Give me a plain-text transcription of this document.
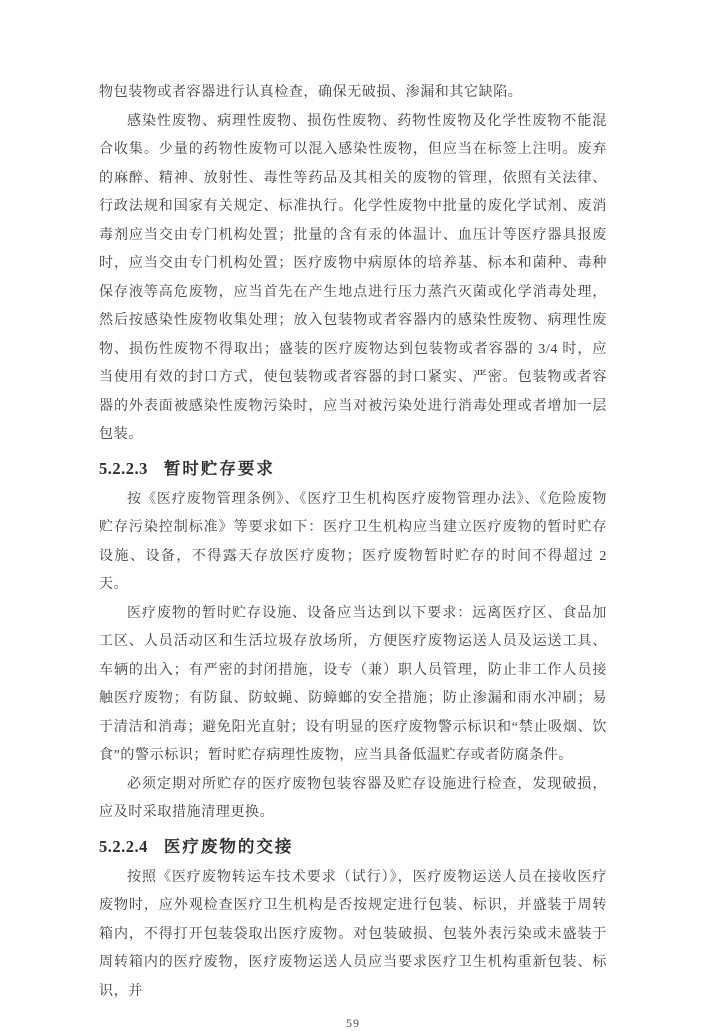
物包装物或者容器进行认真检查，确保无破损、渗漏和其它缺陷。

感染性废物、病理性废物、损伤性废物、药物性废物及化学性废物不能混合收集。少量的药物性废物可以混入感染性废物，但应当在标签上注明。废弃的麻醉、精神、放射性、毒性等药品及其相关的废物的管理，依照有关法律、行政法规和国家有关规定、标准执行。化学性废物中批量的废化学试剂、废消毒剂应当交由专门机构处置；批量的含有汞的体温计、血压计等医疗器具报废时，应当交由专门机构处置；医疗废物中病原体的培养基、标本和菌种、毒种保存液等高危废物，应当首先在产生地点进行压力蒸汽灭菌或化学消毒处理，然后按感染性废物收集处理；放入包装物或者容器内的感染性废物、病理性废物、损伤性废物不得取出；盛装的医疗废物达到包装物或者容器的 3/4 时，应当使用有效的封口方式，使包装物或者容器的封口紧实、严密。包装物或者容器的外表面被感染性废物污染时，应当对被污染处进行消毒处理或者增加一层包装。

5.2.2.3 暂时贮存要求

按《医疗废物管理条例》、《医疗卫生机构医疗废物管理办法》、《危险废物贮存污染控制标准》等要求如下：医疗卫生机构应当建立医疗废物的暂时贮存设施、设备，不得露天存放医疗废物；医疗废物暂时贮存的时间不得超过 2 天。

医疗废物的暂时贮存设施、设备应当达到以下要求：远离医疗区、食品加工区、人员活动区和生活垃圾存放场所，方便医疗废物运送人员及运送工具、车辆的出入；有严密的封闭措施，设专（兼）职人员管理，防止非工作人员接触医疗废物；有防鼠、防蚊蝇、防蟑螂的安全措施；防止渗漏和雨水冲刷；易于清洁和消毒；避免阳光直射；设有明显的医疗废物警示标识和“禁止吸烟、饮食”的警示标识；暂时贮存病理性废物，应当具备低温贮存或者防腐条件。

必须定期对所贮存的医疗废物包装容器及贮存设施进行检查，发现破损，应及时采取措施清理更换。

5.2.2.4 医疗废物的交接

按照《医疗废物转运车技术要求（试行）》，医疗废物运送人员在接收医疗废物时，应外观检查医疗卫生机构是否按规定进行包装、标识，并盛装于周转箱内，不得打开包装袋取出医疗废物。对包装破损、包装外表污染或未盛装于周转箱内的医疗废物，医疗废物运送人员应当要求医疗卫生机构重新包装、标识，并

59
